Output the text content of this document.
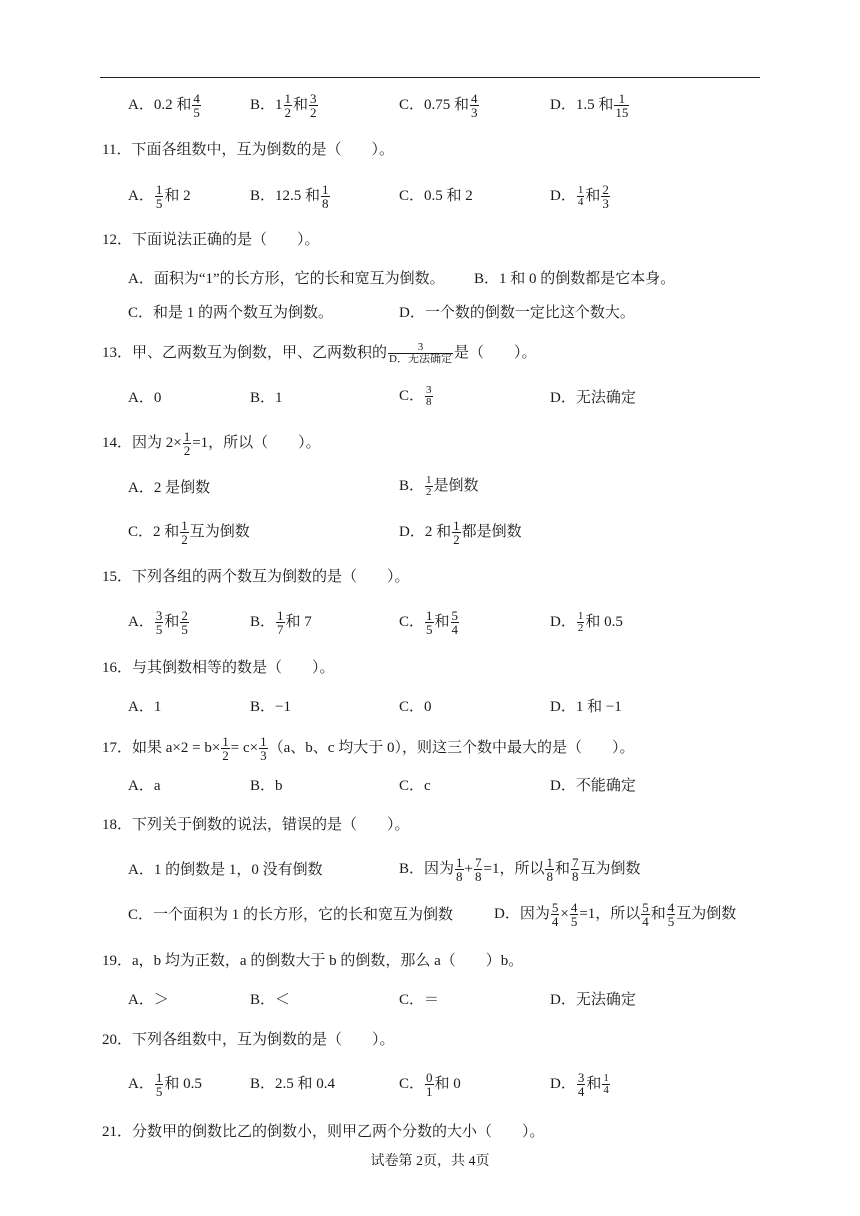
A．0.2 和 $\frac{4}{5}$	B．$1 \frac{1}{2}$ 和 $\frac{3}{2}$	C．0.75 和 $\frac{4}{3}$	D．1.5 和 $\frac{1}{15}$
11．下面各组数中，互为倒数的是（　　）。
A． $\frac{1}{5}$ 和 2	B．12.5 和 $\frac{1}{8}$	C．0.5 和 2	D． $\frac{1}{4}$ 和 $\frac{2}{3}$
12．下面说法正确的是（　　）。
A．面积为“1”的长方形，它的长和宽互为倒数。 B．1 和 0 的倒数都是它本身。
C．和是 1 的两个数互为倒数。	D．一个数的倒数一定比这个数大。
13．甲、乙两数互为倒数，甲、乙两数积的 $\frac{3}{\text{D．无法确定}}$ 是（　　）。
A．0	B．1	C． $\frac{3}{8}$	D．无法确定
14．因为 $2\times \frac{1}{2} =1$，所以（　　）。
A．2 是倒数	B． $\frac{1}{2}$ 是倒数
C．2 和 $\frac{1}{2}$ 互为倒数	D．2 和 $\frac{1}{2}$ 都是倒数
15．下列各组的两个数互为倒数的是（　　）。
A． $\frac{3}{5}$ 和 $\frac{2}{5}$	B． $\frac{1}{7}$ 和 7	C． $\frac{1}{5}$ 和 $\frac{5}{4}$	D． $\frac{1}{2}$ 和 0.5
16．与其倒数相等的数是（　　）。
A．1	B．−1	C．0	D．1 和 −1
17．如果 $a\times 2 = b\times \frac{1}{2} = c\times \frac{1}{3} (a$、b、c 均大于 0），则这三个数中最大的是（　　）。
A．a	B．b	C．c	D．不能确定
18．下列关于倒数的说法，错误的是（　　）。
A．1 的倒数是 1，0 没有倒数	B．因为 $\frac{1}{8} + \frac{7}{8} =1$，所以 $\frac{1}{8}$ 和 $\frac{7}{8}$ 互为倒数
C．一个面积为 1 的长方形，它的长和宽互为倒数	D．因为 $\frac{5}{4} \times \frac{4}{5} =1$，所以 $\frac{5}{4}$ 和 $\frac{4}{5}$ 互为倒数
19．a，b 均为正数，a 的倒数大于 b 的倒数，那么 a（　　）b。
A．＞	B．＜	C．＝	D．无法确定
20．下列各组数中，互为倒数的是（　　）。
A． $\frac{1}{5}$ 和 0.5	B．2.5 和 0.4	C． $\frac{0}{1}$ 和 0	D． $\frac{3}{4}$ 和 $\frac{1}{4}$
21．分数甲的倒数比乙的倒数小，则甲乙两个分数的大小（　　）。
试卷第 2页，共 4页
